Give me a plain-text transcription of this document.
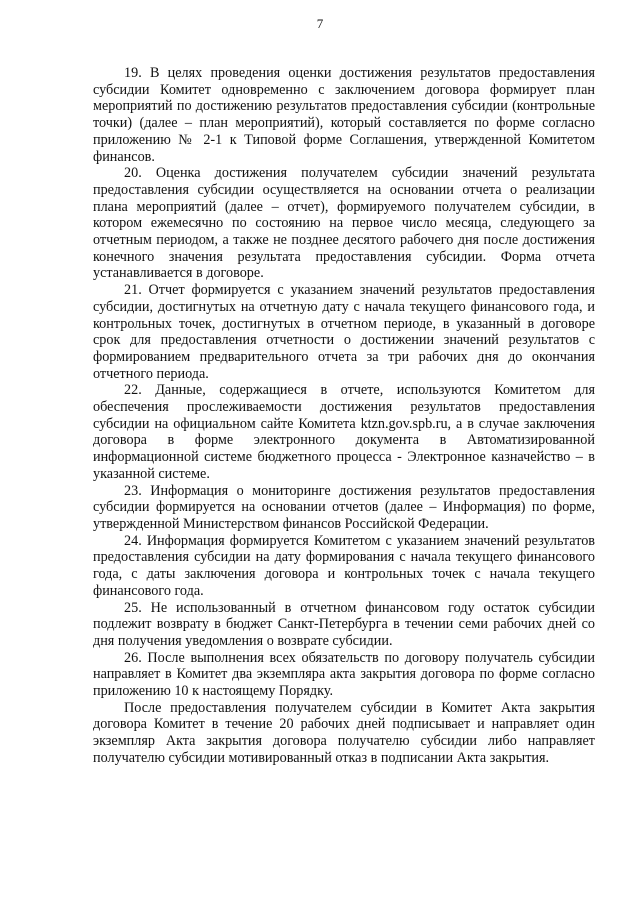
7

19. В целях проведения оценки достижения результатов предоставления субсидии Комитет одновременно с заключением договора формирует план мероприятий по достижению результатов предоставления субсидии (контрольные точки) (далее – план мероприятий), который составляется по форме согласно приложению № 2-1 к Типовой форме Соглашения, утвержденной Комитетом финансов.

20. Оценка достижения получателем субсидии значений результата предоставления субсидии осуществляется на основании отчета о реализации плана мероприятий (далее – отчет), формируемого получателем субсидии, в котором ежемесячно по состоянию на первое число месяца, следующего за отчетным периодом, а также не позднее десятого рабочего дня после достижения конечного значения результата предоставления субсидии. Форма отчета устанавливается в договоре.

21. Отчет формируется с указанием значений результатов предоставления субсидии, достигнутых на отчетную дату с начала текущего финансового года, и контрольных точек, достигнутых в отчетном периоде, в указанный в договоре срок для предоставления отчетности о достижении значений результатов с формированием предварительного отчета за три рабочих дня до окончания отчетного периода.

22. Данные, содержащиеся в отчете, используются Комитетом для обеспечения прослеживаемости достижения результатов предоставления субсидии на официальном сайте Комитета ktzn.gov.spb.ru, а в случае заключения договора в форме электронного документа в Автоматизированной информационной системе бюджетного процесса - Электронное казначейство – в указанной системе.

23. Информация о мониторинге достижения результатов предоставления субсидии формируется на основании отчетов (далее – Информация) по форме, утвержденной Министерством финансов Российской Федерации.

24. Информация формируется Комитетом с указанием значений результатов предоставления субсидии на дату формирования с начала текущего финансового года, с даты заключения договора и контрольных точек с начала текущего финансового года.

25. Не использованный в отчетном финансовом году остаток субсидии подлежит возврату в бюджет Санкт-Петербурга в течении семи рабочих дней со дня получения уведомления о возврате субсидии.

26. После выполнения всех обязательств по договору получатель субсидии направляет в Комитет два экземпляра акта закрытия договора по форме согласно приложению 10 к настоящему Порядку.

После предоставления получателем субсидии в Комитет Акта закрытия договора Комитет в течение 20 рабочих дней подписывает и направляет один экземпляр Акта закрытия договора получателю субсидии либо направляет получателю субсидии мотивированный отказ в подписании Акта закрытия.
